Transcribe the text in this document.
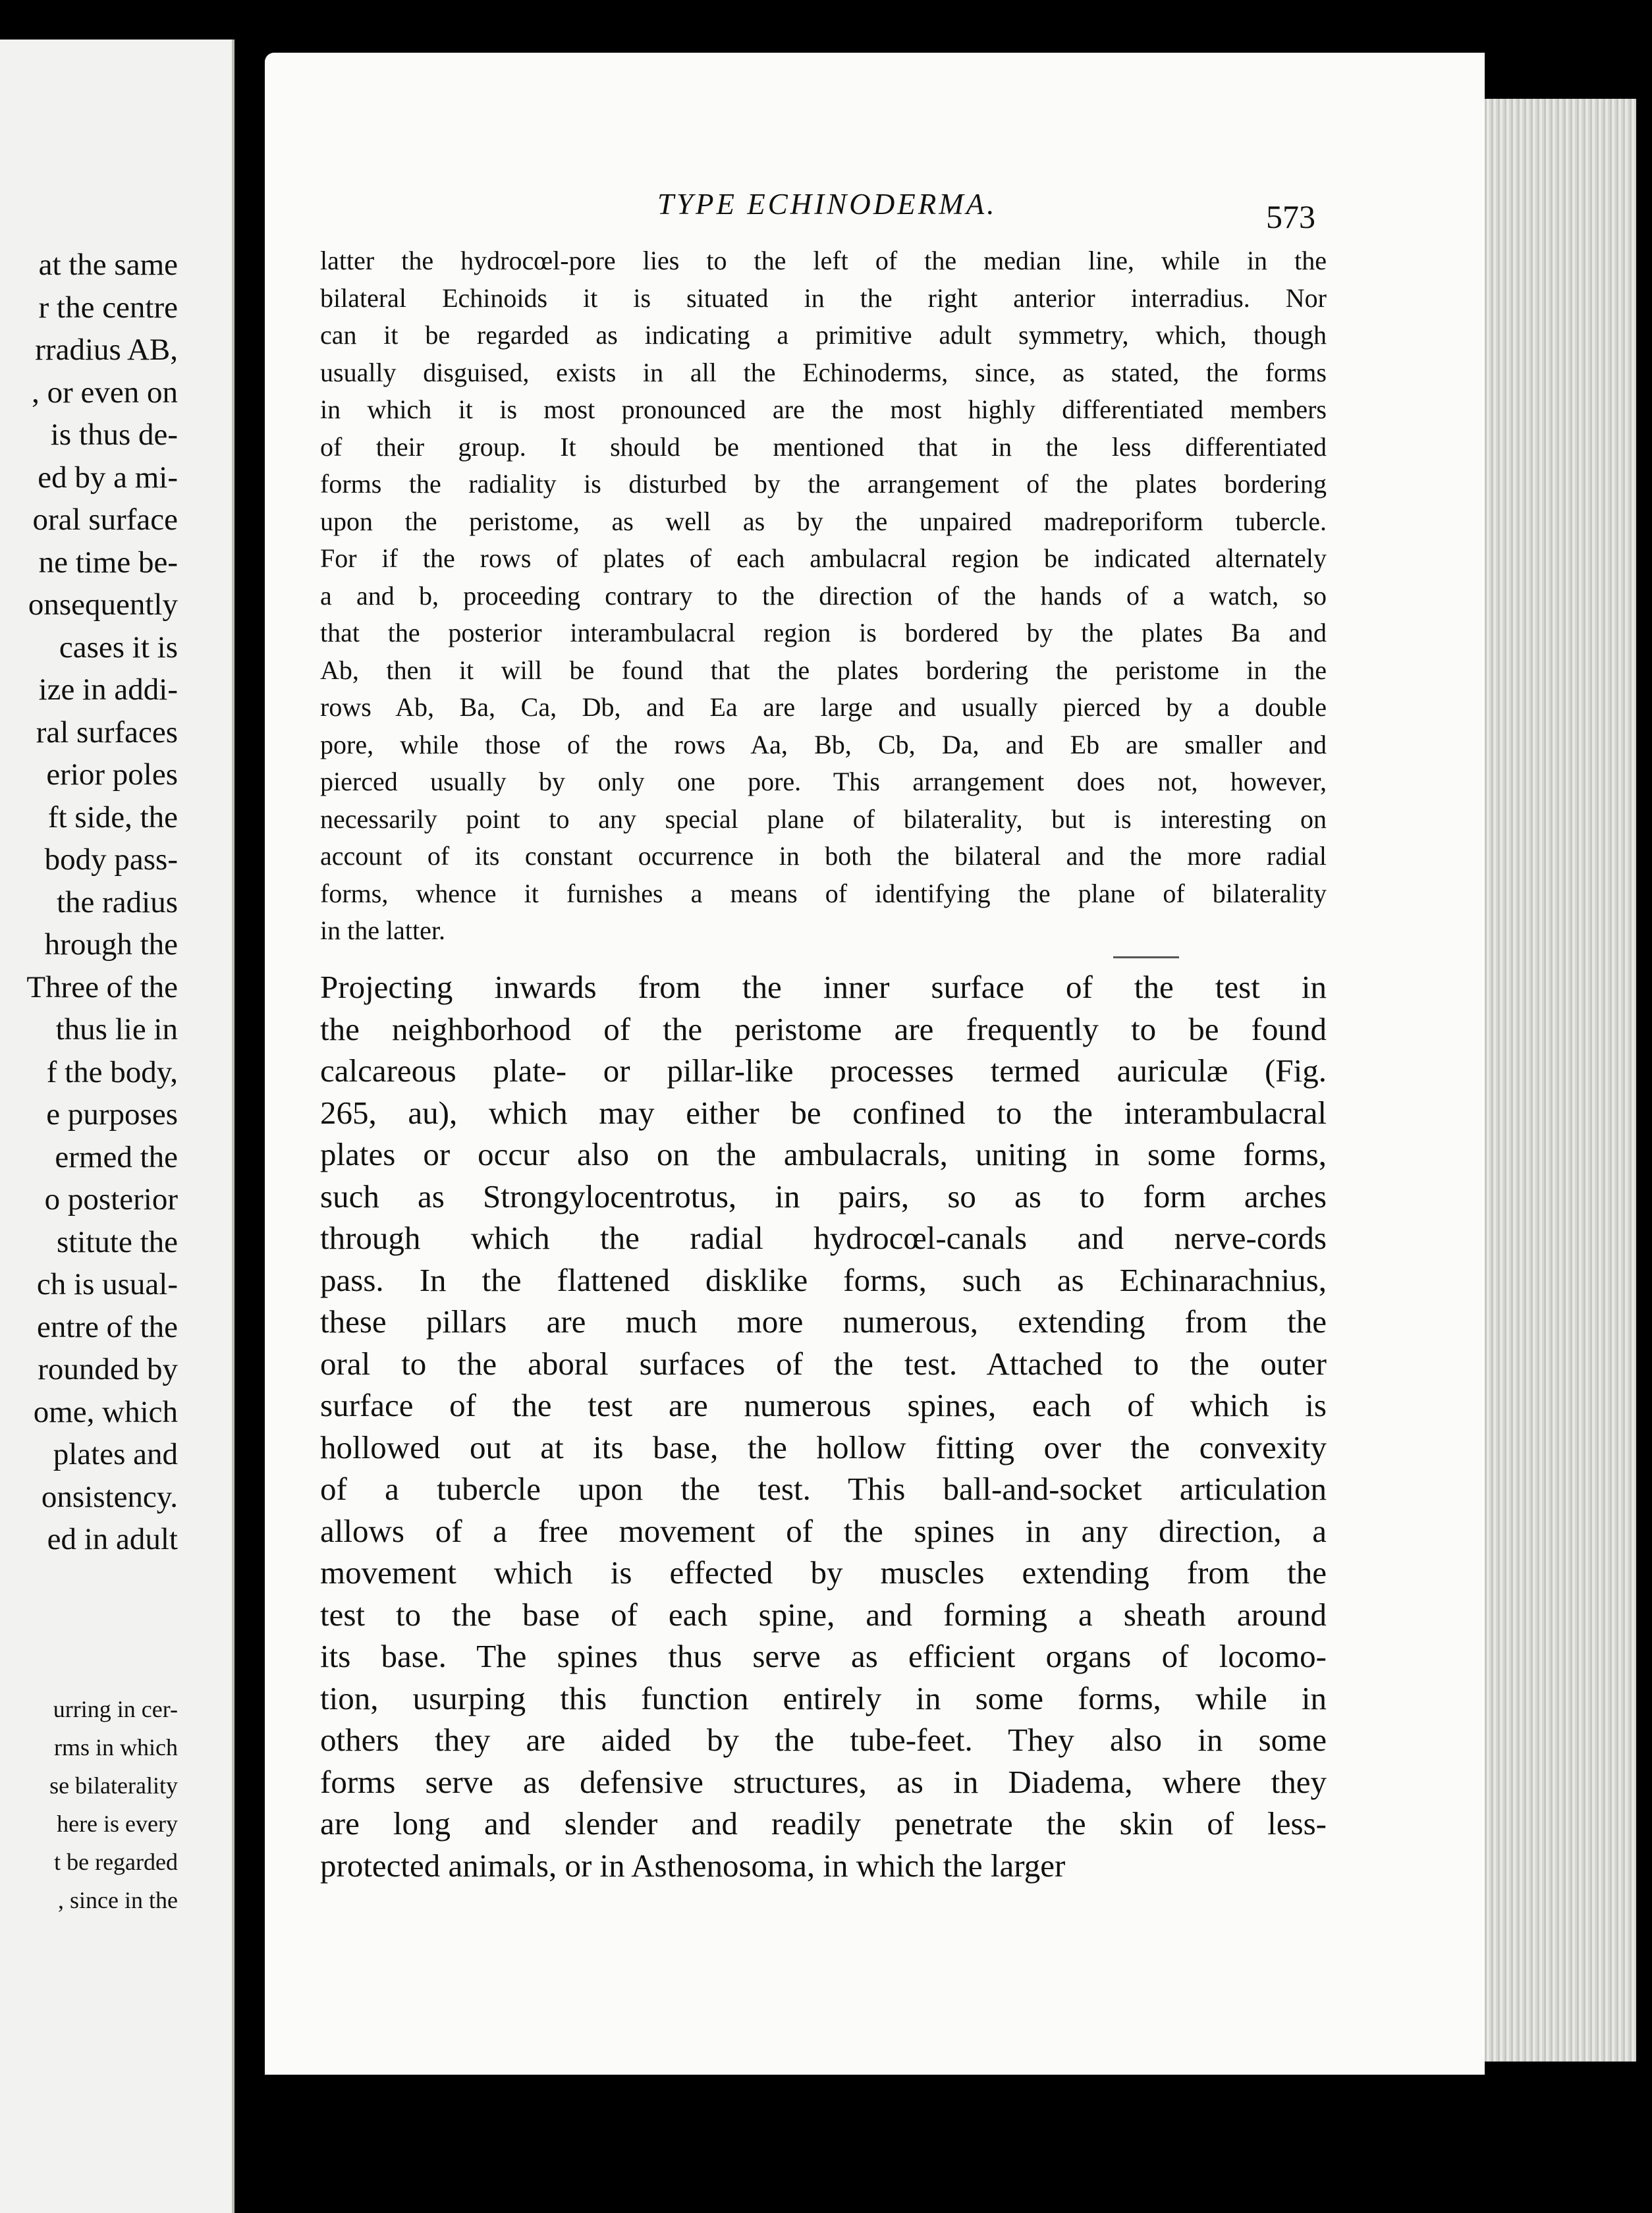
at the same
r the centre
rradius AB,
, or even on
is thus de-
ed by a mi-
oral surface
ne time be-
onsequently
cases it is
ize in addi-
ral surfaces
erior poles
ft side, the
body pass-
the radius
hrough the
Three of the
thus lie in
f the body,
e purposes
ermed the
o posterior
stitute the
ch is usual-
entre of the
rounded by
ome, which
plates and
onsistency.
ed in adult
urring in cer-
rms in which
se bilaterality
here is every
t be regarded
, since in the
TYPE ECHINODERMA.	573
latter the hydrocœl-pore lies to the left of the median line, while in the
bilateral Echinoids it is situated in the right anterior interradius. Nor
can it be regarded as indicating a primitive adult symmetry, which, though
usually disguised, exists in all the Echinoderms, since, as stated, the forms
in which it is most pronounced are the most highly differentiated members
of their group. It should be mentioned that in the less differentiated
forms the radiality is disturbed by the arrangement of the plates bordering
upon the peristome, as well as by the unpaired madreporiform tubercle.
For if the rows of plates of each ambulacral region be indicated alternately
a and b, proceeding contrary to the direction of the hands of a watch, so
that the posterior interambulacral region is bordered by the plates Ba and
Ab, then it will be found that the plates bordering the peristome in the
rows Ab, Ba, Ca, Db, and Ea are large and usually pierced by a double
pore, while those of the rows Aa, Bb, Cb, Da, and Eb are smaller and
pierced usually by only one pore. This arrangement does not, however,
necessarily point to any special plane of bilaterality, but is interesting on
account of its constant occurrence in both the bilateral and the more radial
forms, whence it furnishes a means of identifying the plane of bilaterality
in the latter.
Projecting inwards from the inner surface of the test in
the neighborhood of the peristome are frequently to be found
calcareous plate- or pillar-like processes termed auriculæ (Fig.
265, au), which may either be confined to the interambulacral
plates or occur also on the ambulacrals, uniting in some forms,
such as Strongylocentrotus, in pairs, so as to form arches
through which the radial hydrocœl-canals and nerve-cords
pass. In the flattened disklike forms, such as Echinarachnius,
these pillars are much more numerous, extending from the
oral to the aboral surfaces of the test. Attached to the outer
surface of the test are numerous spines, each of which is
hollowed out at its base, the hollow fitting over the convexity
of a tubercle upon the test. This ball-and-socket articulation
allows of a free movement of the spines in any direction, a
movement which is effected by muscles extending from the
test to the base of each spine, and forming a sheath around
its base. The spines thus serve as efficient organs of locomo-
tion, usurping this function entirely in some forms, while in
others they are aided by the tube-feet. They also in some
forms serve as defensive structures, as in Diadema, where they
are long and slender and readily penetrate the skin of less-
protected animals, or in Asthenosoma, in which the larger
